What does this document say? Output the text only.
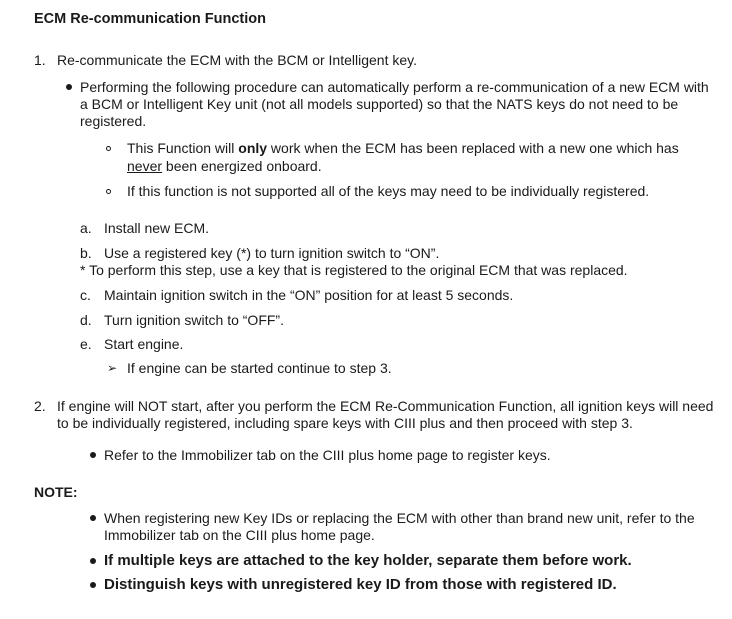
ECM Re-communication Function
1. Re-communicate the ECM with the BCM or Intelligent key.
Performing the following procedure can automatically perform a re-communication of a new ECM with
a BCM or Intelligent Key unit (not all models supported) so that the NATS keys do not need to be
registered.
This Function will only work when the ECM has been replaced with a new one which has
never been energized onboard.
If this function is not supported all of the keys may need to be individually registered.
a. Install new ECM.
b. Use a registered key (*) to turn ignition switch to “ON”.
* To perform this step, use a key that is registered to the original ECM that was replaced.
c. Maintain ignition switch in the “ON” position for at least 5 seconds.
d. Turn ignition switch to “OFF”.
e. Start engine.
➢ If engine can be started continue to step 3.
2. If engine will NOT start, after you perform the ECM Re-Communication Function, all ignition keys will need
to be individually registered, including spare keys with CIII plus and then proceed with step 3.
Refer to the Immobilizer tab on the CIII plus home page to register keys.
NOTE:
When registering new Key IDs or replacing the ECM with other than brand new unit, refer to the
Immobilizer tab on the CIII plus home page.
If multiple keys are attached to the key holder, separate them before work.
Distinguish keys with unregistered key ID from those with registered ID.
